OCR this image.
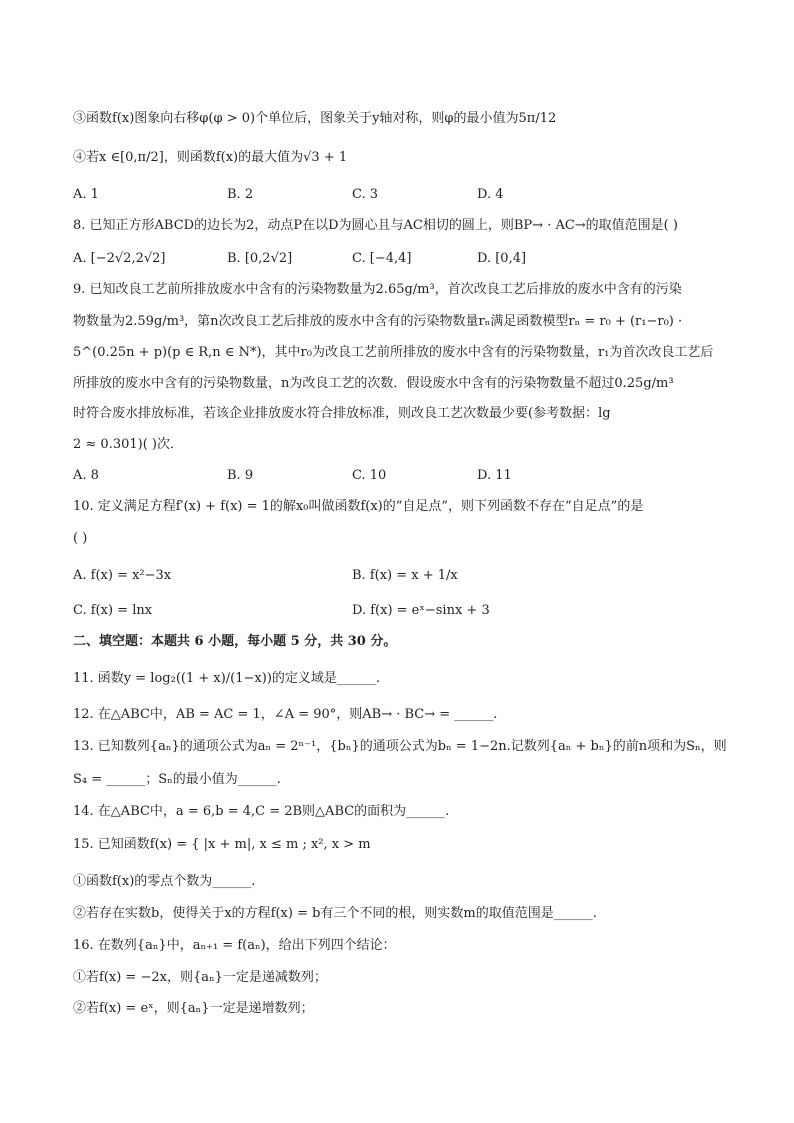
③函数f(x)图象向右移φ(φ > 0)个单位后，图象关于y轴对称，则φ的最小值为5π/12
④若x ∈[0,π/2]，则函数f(x)的最大值为√3 + 1
A. 1	B. 2	C. 3	D. 4
8. 已知正方形ABCD的边长为2，动点P在以D为圆心且与AC相切的圆上，则BP→ · AC→的取值范围是( )
A. [−2√2,2√2]	B. [0,2√2]	C. [−4,4]	D. [0,4]
9. 已知改良工艺前所排放废水中含有的污染物数量为2.65g/m³，首次改良工艺后排放的废水中含有的污染
物数量为2.59g/m³，第n次改良工艺后排放的废水中含有的污染物数量rₙ满足函数模型rₙ = r₀ + (r₁−r₀) ·
5^(0.25n + p)(p ∈ R,n ∈ N*)，其中r₀为改良工艺前所排放的废水中含有的污染物数量，r₁为首次改良工艺后
所排放的废水中含有的污染物数量，n为改良工艺的次数．假设废水中含有的污染物数量不超过0.25g/m³
时符合废水排放标准，若该企业排放废水符合排放标准，则改良工艺次数最少要(参考数据：lg
2 ≈ 0.301)( )次．
A. 8	B. 9	C. 10	D. 11
10. 定义满足方程f′(x) + f(x) = 1的解x₀叫做函数f(x)的“自足点”，则下列函数不存在“自足点”的是
( )
A. f(x) = x²−3x	B. f(x) = x + 1/x
C. f(x) = lnx	D. f(x) = eˣ−sinx + 3
二、填空题：本题共 6 小题，每小题 5 分，共 30 分。
11. 函数y = log₂((1 + x)/(1−x))的定义域是______.
12. 在△ABC中，AB = AC = 1，∠A = 90°，则AB→ · BC→ = ______.
13. 已知数列{aₙ}的通项公式为aₙ = 2ⁿ⁻¹，{bₙ}的通项公式为bₙ = 1−2n.记数列{aₙ + bₙ}的前n项和为Sₙ，则
S₄ = ______；Sₙ的最小值为______.
14. 在△ABC中，a = 6,b = 4,C = 2B则△ABC的面积为______.
15. 已知函数f(x) = { |x + m|, x ≤ m ; x², x > m
①函数f(x)的零点个数为______.
②若存在实数b，使得关于x的方程f(x) = b有三个不同的根，则实数m的取值范围是______.
16. 在数列{aₙ}中，aₙ₊₁ = f(aₙ)，给出下列四个结论：
①若f(x) = −2x，则{aₙ}一定是递减数列；
②若f(x) = eˣ，则{aₙ}一定是递增数列；
